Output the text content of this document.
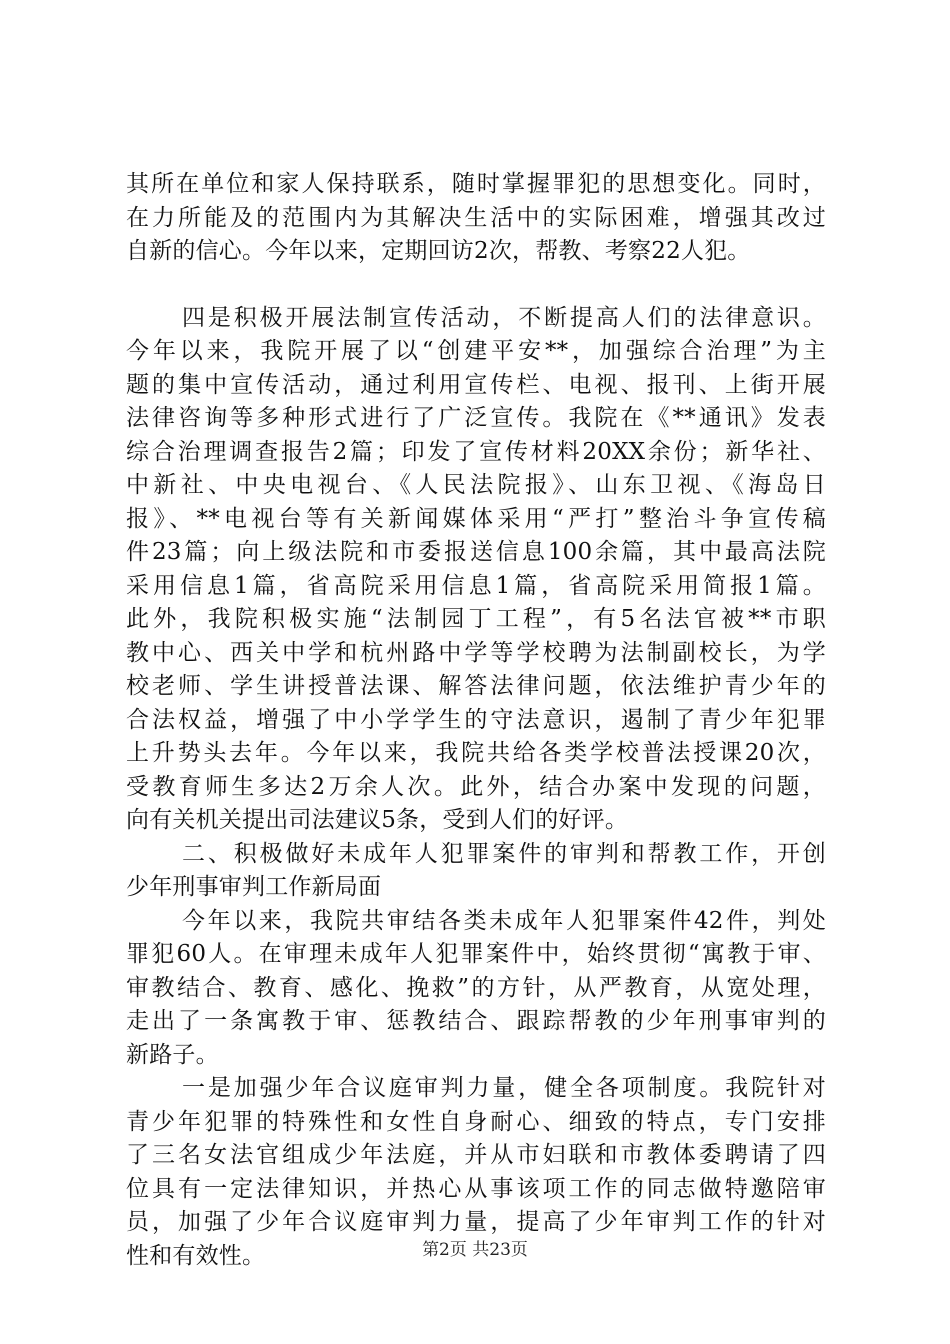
其所在单位和家人保持联系，随时掌握罪犯的思想变化。同时，
在力所能及的范围内为其解决生活中的实际困难，增强其改过
自新的信心。今年以来，定期回访2次，帮教、考察22人犯。
四是积极开展法制宣传活动，不断提高人们的法律意识。
今年以来，我院开展了以“创建平安**，加强综合治理”为主
题的集中宣传活动，通过利用宣传栏、电视、报刊、上街开展
法律咨询等多种形式进行了广泛宣传。我院在《**通讯》发表
综合治理调查报告2篇；印发了宣传材料20XX余份；新华社、
中新社、中央电视台、《人民法院报》、山东卫视、《海岛日
报》、**电视台等有关新闻媒体采用“严打”整治斗争宣传稿
件23篇；向上级法院和市委报送信息100余篇，其中最高法院
采用信息1篇，省高院采用信息1篇，省高院采用简报1篇。
此外，我院积极实施“法制园丁工程”，有5名法官被**市职
教中心、西关中学和杭州路中学等学校聘为法制副校长，为学
校老师、学生讲授普法课、解答法律问题，依法维护青少年的
合法权益，增强了中小学学生的守法意识，遏制了青少年犯罪
上升势头去年。今年以来，我院共给各类学校普法授课20次，
受教育师生多达2万余人次。此外，结合办案中发现的问题，
向有关机关提出司法建议5条，受到人们的好评。
二、积极做好未成年人犯罪案件的审判和帮教工作，开创
少年刑事审判工作新局面
今年以来，我院共审结各类未成年人犯罪案件42件，判处
罪犯60人。在审理未成年人犯罪案件中，始终贯彻“寓教于审、
审教结合、教育、感化、挽救”的方针，从严教育，从宽处理，
走出了一条寓教于审、惩教结合、跟踪帮教的少年刑事审判的
新路子。
一是加强少年合议庭审判力量，健全各项制度。我院针对
青少年犯罪的特殊性和女性自身耐心、细致的特点，专门安排
了三名女法官组成少年法庭，并从市妇联和市教体委聘请了四
位具有一定法律知识，并热心从事该项工作的同志做特邀陪审
员，加强了少年合议庭审判力量，提高了少年审判工作的针对
性和有效性。	第2页 共23页
